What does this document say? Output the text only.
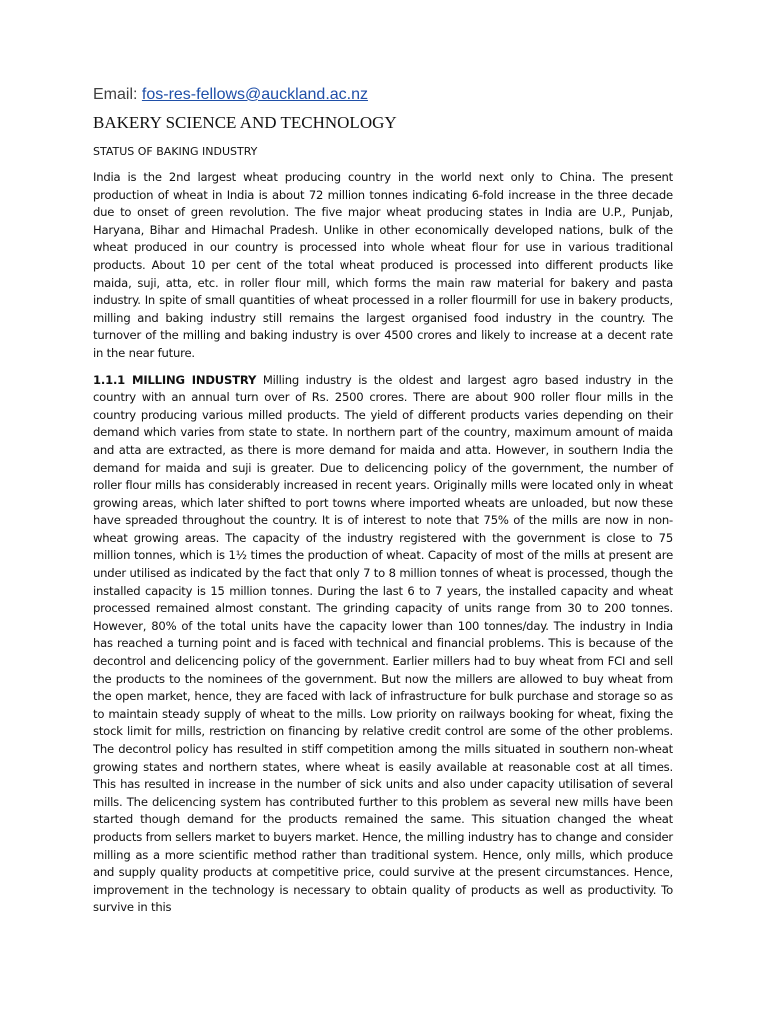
Email: fos-res-fellows@auckland.ac.nz
BAKERY SCIENCE AND TECHNOLOGY
STATUS OF BAKING INDUSTRY

India is the 2nd largest wheat producing country in the world next only to China. The present production of wheat in India is about 72 million tonnes indicating 6-fold increase in the three decade due to onset of green revolution. The five major wheat producing states in India are U.P., Punjab, Haryana, Bihar and Himachal Pradesh. Unlike in other economically developed nations, bulk of the wheat produced in our country is processed into whole wheat flour for use in various traditional products. About 10 per cent of the total wheat produced is processed into different products like maida, suji, atta, etc. in roller flour mill, which forms the main raw material for bakery and pasta industry. In spite of small quantities of wheat processed in a roller flourmill for use in bakery products, milling and baking industry still remains the largest organised food industry in the country. The turnover of the milling and baking industry is over 4500 crores and likely to increase at a decent rate in the near future.

1.1.1 MILLING INDUSTRY Milling industry is the oldest and largest agro based industry in the country with an annual turn over of Rs. 2500 crores. There are about 900 roller flour mills in the country producing various milled products. The yield of different products varies depending on their demand which varies from state to state. In northern part of the country, maximum amount of maida and atta are extracted, as there is more demand for maida and atta. However, in southern India the demand for maida and suji is greater. Due to delicencing policy of the government, the number of roller flour mills has considerably increased in recent years. Originally mills were located only in wheat growing areas, which later shifted to port towns where imported wheats are unloaded, but now these have spreaded throughout the country. It is of interest to note that 75% of the mills are now in non-wheat growing areas. The capacity of the industry registered with the government is close to 75 million tonnes, which is 1½ times the production of wheat. Capacity of most of the mills at present are under utilised as indicated by the fact that only 7 to 8 million tonnes of wheat is processed, though the installed capacity is 15 million tonnes. During the last 6 to 7 years, the installed capacity and wheat processed remained almost constant. The grinding capacity of units range from 30 to 200 tonnes. However, 80% of the total units have the capacity lower than 100 tonnes/day. The industry in India has reached a turning point and is faced with technical and financial problems. This is because of the decontrol and delicencing policy of the government. Earlier millers had to buy wheat from FCI and sell the products to the nominees of the government. But now the millers are allowed to buy wheat from the open market, hence, they are faced with lack of infrastructure for bulk purchase and storage so as to maintain steady supply of wheat to the mills. Low priority on railways booking for wheat, fixing the stock limit for mills, restriction on financing by relative credit control are some of the other problems. The decontrol policy has resulted in stiff competition among the mills situated in southern non-wheat growing states and northern states, where wheat is easily available at reasonable cost at all times. This has resulted in increase in the number of sick units and also under capacity utilisation of several mills. The delicencing system has contributed further to this problem as several new mills have been started though demand for the products remained the same. This situation changed the wheat products from sellers market to buyers market. Hence, the milling industry has to change and consider milling as a more scientific method rather than traditional system. Hence, only mills, which produce and supply quality products at competitive price, could survive at the present circumstances. Hence, improvement in the technology is necessary to obtain quality of products as well as productivity. To survive in this
